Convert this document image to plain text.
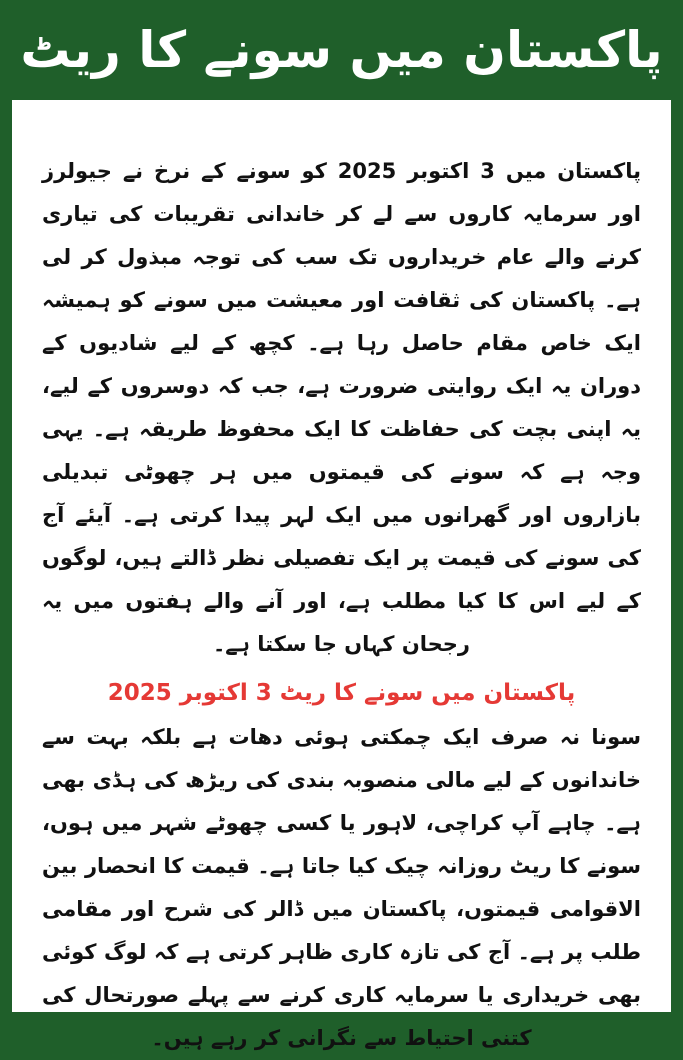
پاکستان میں سونے کا ریٹ

پاکستان میں 3 اکتوبر 2025 کو سونے کے نرخ نے جیولرز اور سرمایہ کاروں سے لے کر خاندانی تقریبات کی تیاری کرنے والے عام خریداروں تک سب کی توجہ مبذول کر لی ہے۔ پاکستان کی ثقافت اور معیشت میں سونے کو ہمیشہ ایک خاص مقام حاصل رہا ہے۔ کچھ کے لیے شادیوں کے دوران یہ ایک روایتی ضرورت ہے، جب کہ دوسروں کے لیے، یہ اپنی بچت کی حفاظت کا ایک محفوظ طریقہ ہے۔ یہی وجہ ہے کہ سونے کی قیمتوں میں ہر چھوٹی تبدیلی بازاروں اور گھرانوں میں ایک لہر پیدا کرتی ہے۔ آیئے آج کی سونے کی قیمت پر ایک تفصیلی نظر ڈالتے ہیں، لوگوں کے لیے اس کا کیا مطلب ہے، اور آنے والے ہفتوں میں یہ رجحان کہاں جا سکتا ہے۔

پاکستان میں سونے کا ریٹ 3 اکتوبر 2025

سونا نہ صرف ایک چمکتی ہوئی دھات ہے بلکہ بہت سے خاندانوں کے لیے مالی منصوبہ بندی کی ریڑھ کی ہڈی بھی ہے۔ چاہے آپ کراچی، لاہور یا کسی چھوٹے شہر میں ہوں، سونے کا ریٹ روزانہ چیک کیا جاتا ہے۔ قیمت کا انحصار بین الاقوامی قیمتوں، پاکستان میں ڈالر کی شرح اور مقامی طلب پر ہے۔ آج کی تازہ کاری ظاہر کرتی ہے کہ لوگ کوئی بھی خریداری یا سرمایہ کاری کرنے سے پہلے صورتحال کی کتنی احتیاط سے نگرانی کر رہے ہیں۔
